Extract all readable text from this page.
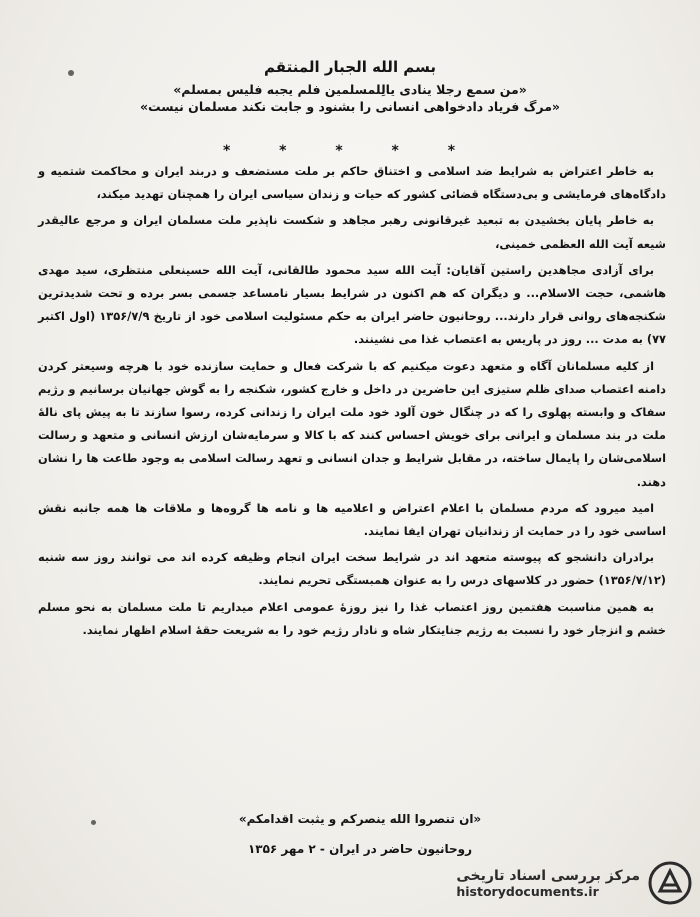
بسم الله الجبار المنتقم
«من سمع رجلا ینادی یالِلمسلمین فلم یجبه فلیس بمسلم»
«مرگ فریاد دادخواهی انسانی را بشنود و جابت نکند مسلمان نیست»
* * * * *

به خاطر اعتراض به شرایط ضد اسلامی و اختناق حاکم بر ملت مستضعف و دربند ایران و محاکمت شتمیه و دادگاه‌های فرمایشی و بی‌دستگاه قضائی کشور که حیات و زندان سیاسی ایران را همچنان تهدید میکند،

به خاطر پایان بخشیدن به تبعید غیرقانونی رهبر مجاهد و شکست ناپذیر ملت مسلمان ایران و مرجع عالیقدر شیعه آیت الله العظمی خمینی،

برای آزادی مجاهدین راستین آقایان: آیت الله سید محمود طالقانی، آیت الله حسینعلی منتظری، سید مهدی هاشمی، حجت الاسلام... و دیگران که هم اکنون در شرایط بسیار نامساعد جسمی بسر برده و تحت شدیدترین شکنجه‌های روانی قرار دارند... روحانیون حاضر ایران به حکم مسئولیت اسلامی خود از تاریخ ۱۳۵۶/۷/۹ (اول اکتبر ۷۷) به مدت ... روز در پاریس به اعتصاب غذا می نشینند.

از کلیه مسلمانان آگاه و متعهد دعوت میکنیم که با شرکت فعال و حمایت سازنده خود با هرچه وسیعتر کردن دامنه اعتصاب صدای ظلم ستیزی این حاضرین در داخل و خارج کشور، شکنجه را به گوش جهانیان برسانیم و رژیم سفاک و وابسته پهلوی را که در چنگال خون آلود خود ملت ایران را زندانی کرده، رسوا سازند تا به پیش پای نالهٔ ملت در بند مسلمان و ایرانی برای خویش احساس کنند که با کالا و سرمایه‌شان ارزش انسانی و متعهد و رسالت اسلامی‌شان را پایمال ساخته، در مقابل شرایط و جدان انسانی و تعهد رسالت اسلامی به وجود طاعت ها را نشان دهند.

امید میرود که مردم مسلمان با اعلام اعتراض و اعلامیه ها و نامه ها گروه‌ها و ملاقات ها همه جانبه نقش اساسی خود را در حمایت از زندانیان تهران ایفا نمایند.

برادران دانشجو که پیوسته متعهد اند در شرایط سخت ایران انجام وظیفه کرده اند می توانند روز سه شنبه (۱۳۵۶/۷/۱۲) حضور در کلاسهای درس را به عنوان همبستگی تحریم نمایند.

به همین مناسبت هفتمین روز اعتصاب غذا را نیز روزهٔ عمومی اعلام میداریم تا ملت مسلمان به نحو مسلم خشم و انزجار خود را نسبت به رژیم جنایتکار شاه و نادار رژیم خود را به شریعت حقهٔ اسلام اظهار نمایند.

«ان تنصروا الله ینصرکم و یثبت اقدامکم»
روحانیون حاضر در ایران - ۲ مهر ۱۳۵۶
مرکز بررسی اسناد تاریخی
historydocuments.ir
